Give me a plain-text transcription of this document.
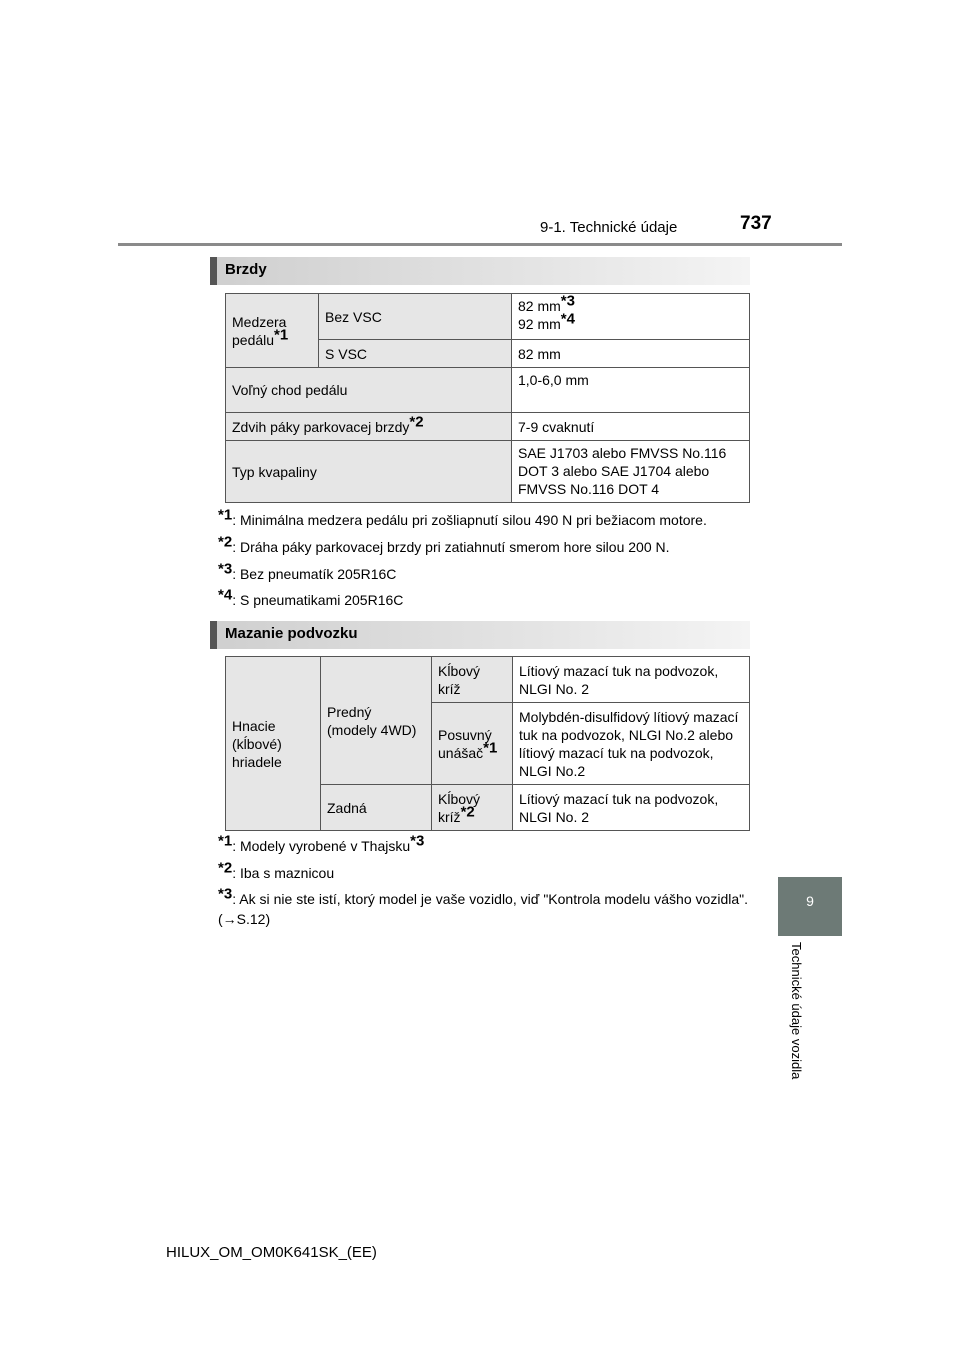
9-1. Technické údaje	737
9
Technické údaje vozidla
Brzdy
Medzera pedálu$^{*1}$	Bez VSC	82 $mm^{*3}$
92 $mm^{*4}$
	S VSC	82 mm
Voľný chod pedálu		1,0-6,0 mm
Zdvih páky parkovacej brzdy$^{*2}$		7-9 cvaknutí
Typ kvapaliny		SAE J1703 alebo FMVSS No.116 DOT 3 alebo SAE J1704 alebo FMVSS No.116 DOT 4
$^{*1}$: Minimálna medzera pedálu pri zošliapnutí silou 490 N pri bežiacom motore.
$^{*2}$: Dráha páky parkovacej brzdy pri zatiahnutí smerom hore silou 200 N.
$^{*3}$: Bez pneumatík 205R16C
$^{*4}$: S pneumatikami 205R16C
Mazanie podvozku
Hnacie (kĺbové) hriadele	Predný (modely 4WD)	Kĺbový kríž	Lítiový mazací tuk na podvozok, NLGI No. 2
		Posuvný unášač$^{*1}$	Molybdén-disulfidový lítiový mazací tuk na podvozok, NLGI No.2 alebo lítiový mazací tuk na podvozok, NLGI No.2
	Zadná	Kĺbový kríž$^{*2}$	Lítiový mazací tuk na podvozok, NLGI No. 2
$^{*1}$: Modely vyrobené v Thajsku$^{*3}$
$^{*2}$: Iba s maznicou
$^{*3}$: Ak si nie ste istí, ktorý model je vaše vozidlo, viď "Kontrola modelu vášho vozidla". (→S.12)
HILUX_OM_OM0K641SK_(EE)
